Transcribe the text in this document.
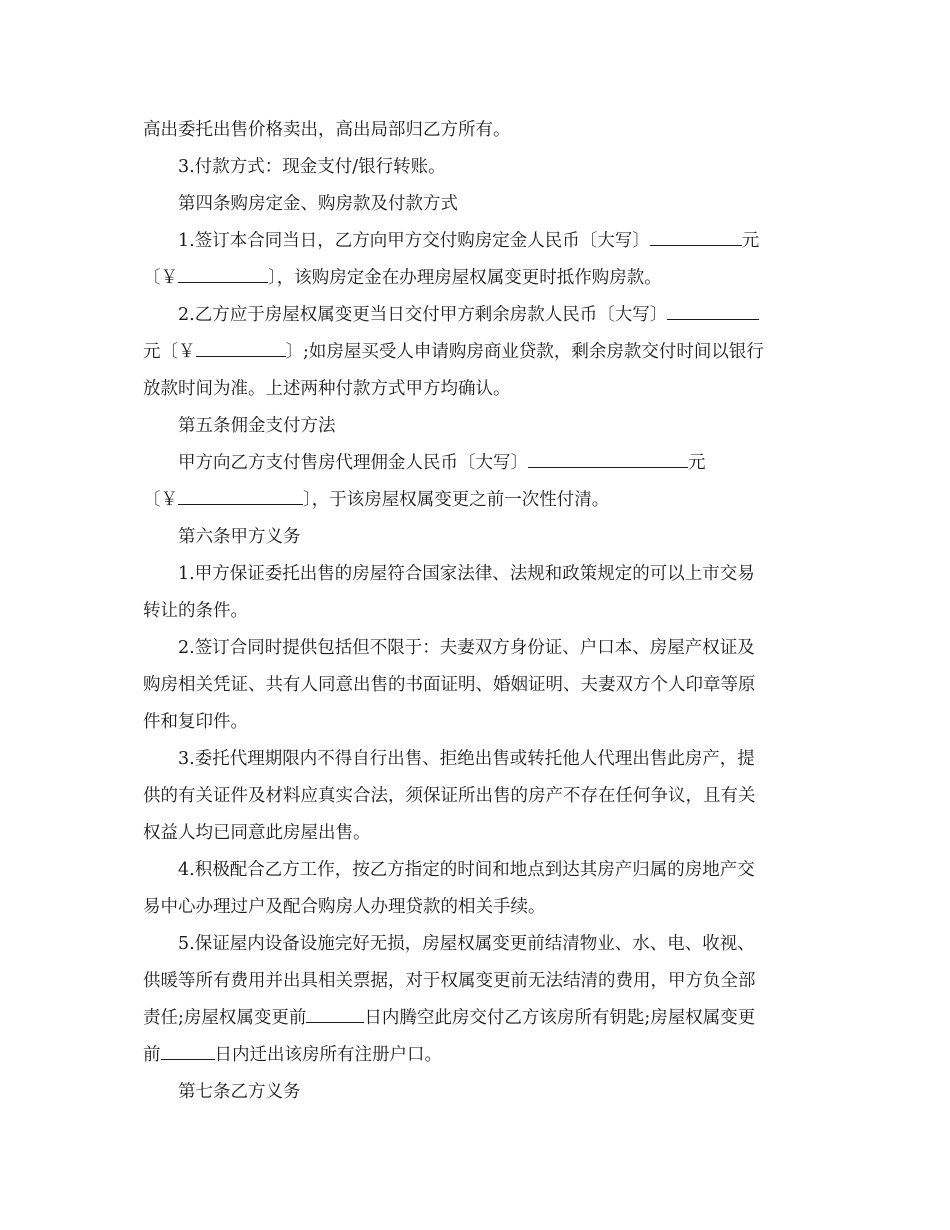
高出委托出售价格卖出，高出局部归乙方所有。
3.付款方式：现金支付/银行转账。
第四条购房定金、购房款及付款方式
1.签订本合同当日，乙方向甲方交付购房定金人民币〔大写〕	元
〔￥	〕，该购房定金在办理房屋权属变更时抵作购房款。
2.乙方应于房屋权属变更当日交付甲方剩余房款人民币〔大写〕
元〔￥	〕;如房屋买受人申请购房商业贷款，剩余房款交付时间以银行
放款时间为准。上述两种付款方式甲方均确认。
第五条佣金支付方法
甲方向乙方支付售房代理佣金人民币〔大写〕	元
〔￥	〕，于该房屋权属变更之前一次性付清。
第六条甲方义务
1.甲方保证委托出售的房屋符合国家法律、法规和政策规定的可以上市交易
转让的条件。
2.签订合同时提供包括但不限于：夫妻双方身份证、户口本、房屋产权证及
购房相关凭证、共有人同意出售的书面证明、婚姻证明、夫妻双方个人印章等原
件和复印件。
3.委托代理期限内不得自行出售、拒绝出售或转托他人代理出售此房产，提
供的有关证件及材料应真实合法，须保证所出售的房产不存在任何争议，且有关
权益人均已同意此房屋出售。
4.积极配合乙方工作，按乙方指定的时间和地点到达其房产归属的房地产交
易中心办理过户及配合购房人办理贷款的相关手续。
5.保证屋内设备设施完好无损，房屋权属变更前结清物业、水、电、收视、
供暖等所有费用并出具相关票据，对于权属变更前无法结清的费用，甲方负全部
责任;房屋权属变更前	日内腾空此房交付乙方该房所有钥匙;房屋权属变更
前	日内迁出该房所有注册户口。
第七条乙方义务
